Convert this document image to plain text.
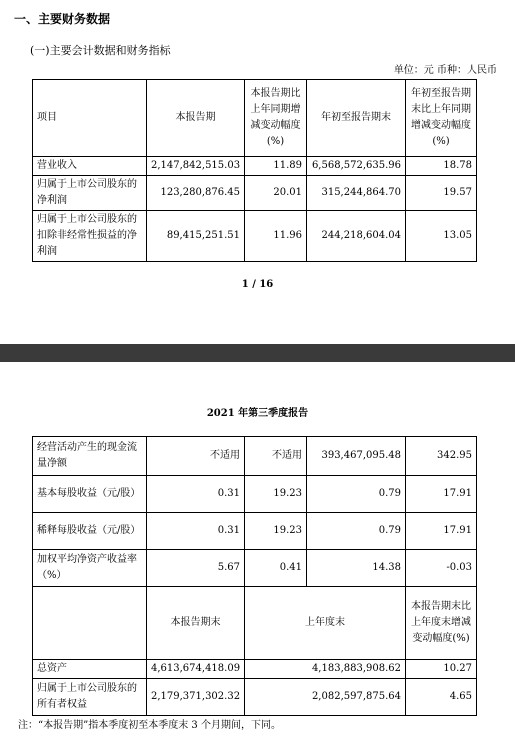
一、主要财务数据
(一)主要会计数据和财务指标
单位：元 币种：人民币
项目	本报告期	本报告期比上年同期增减变动幅度(%)	年初至报告期末	年初至报告期末比上年同期增减变动幅度(%)
营业收入	2,147,842,515.03	11.89	6,568,572,635.96	18.78
归属于上市公司股东的净利润	123,280,876.45	20.01	315,244,864.70	19.57
归属于上市公司股东的扣除非经常性损益的净利润	89,415,251.51	11.96	244,218,604.04	13.05
1 / 16
2021 年第三季度报告
经营活动产生的现金流量净额	不适用	不适用	393,467,095.48	342.95
基本每股收益（元/股）	0.31	19.23	0.79	17.91
稀释每股收益（元/股）	0.31	19.23	0.79	17.91
加权平均净资产收益率（%）	5.67	0.41	14.38	-0.03
	本报告期末	上年度末		本报告期末比上年度末增减变动幅度(%)
总资产	4,613,674,418.09	4,183,883,908.62		10.27
归属于上市公司股东的所有者权益	2,179,371,302.32	2,082,597,875.64		4.65
注：“本报告期”指本季度初至本季度末 3 个月期间，下同。
